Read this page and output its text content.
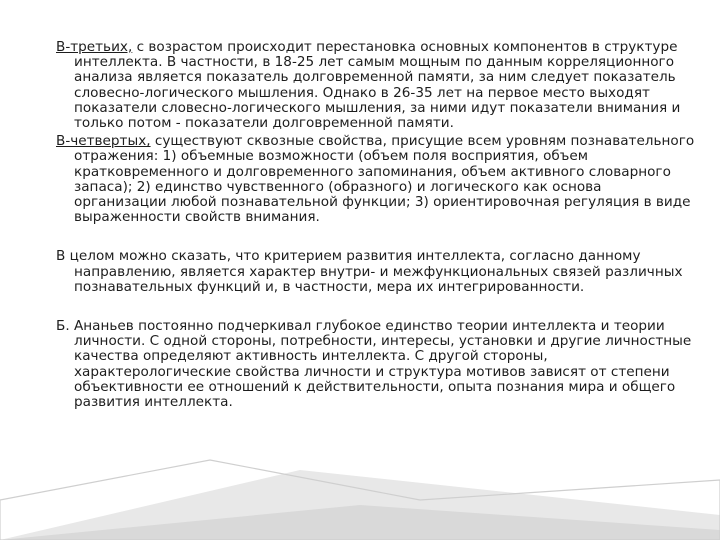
В-третьих, с возрастом происходит перестановка основных компонентов в структуре интеллекта. В частности, в 18-25 лет самым мощным по данным корреляционного анализа является показатель долговременной памяти, за ним следует показатель словесно-логического мышления. Однако в 26-35 лет на первое место выходят показатели словесно-логического мышления, за ними идут показатели внимания и только потом - показатели долговременной памяти.

В-четвертых, существуют сквозные свойства, присущие всем уровням познавательного отражения: 1) объемные возможности (объем поля восприятия, объем кратковременного и долговременного запоминания, объем активного словарного запаса); 2) единство чувственного (образного) и логического как основа организации любой познавательной функции; 3) ориентировочная регуляция в виде выраженности свойств внимания.

В целом можно сказать, что критерием развития интеллекта, согласно данному направлению, является характер внутри- и межфункциональных связей различных познавательных функций и, в частности, мера их интегрированности.

Б. Ананьев постоянно подчеркивал глубокое единство теории интеллекта и теории личности. С одной стороны, потребности, интересы, установки и другие личностные качества определяют активность интеллекта. С другой стороны, характерологические свойства личности и структура мотивов зависят от степени объективности ее отношений к действительности, опыта познания мира и общего развития интеллекта.
